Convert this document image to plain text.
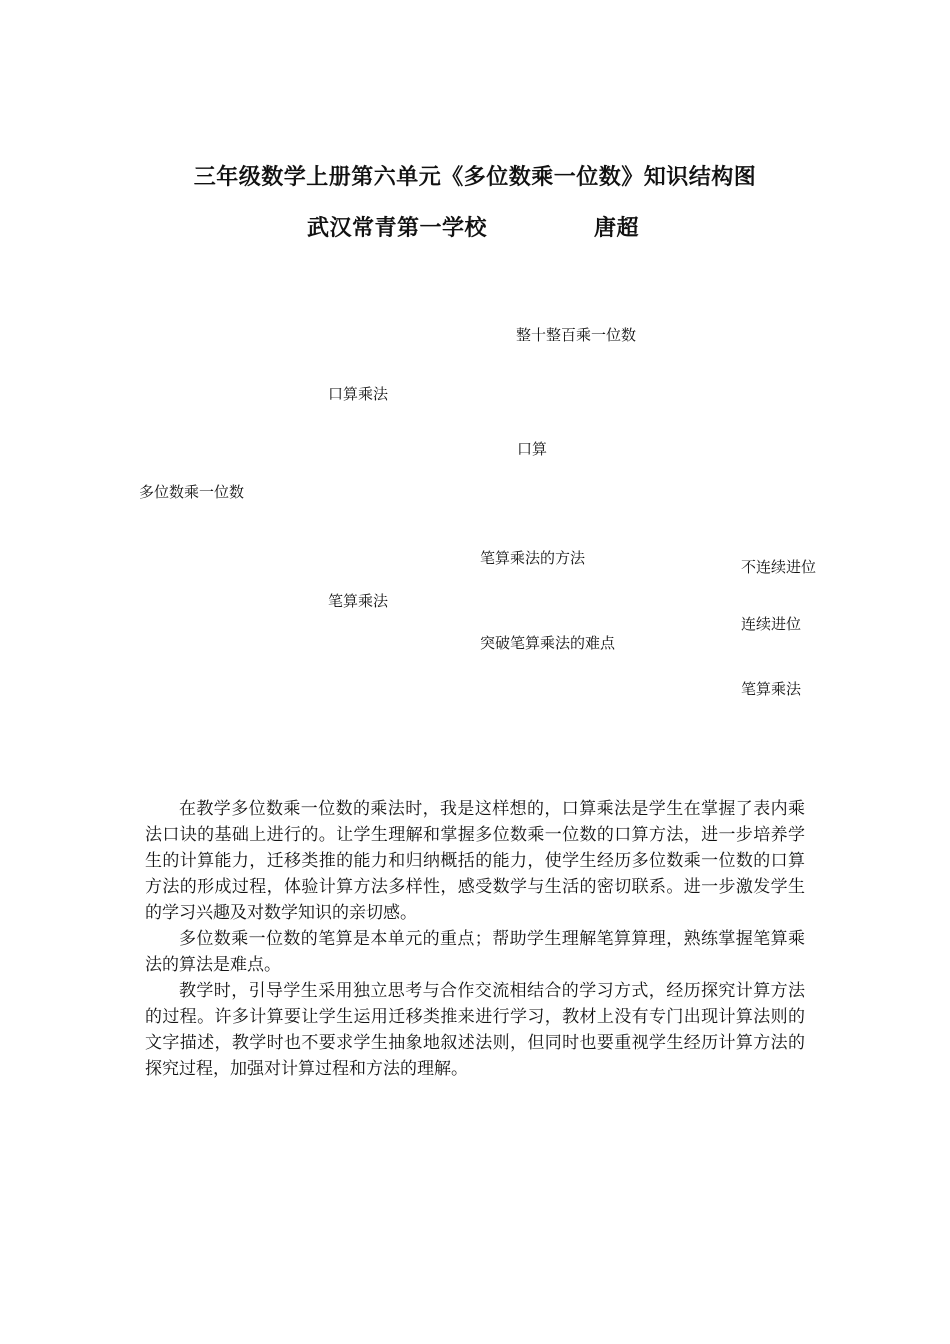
三年级数学上册第六单元《多位数乘一位数》知识结构图
武汉常青第一学校	唐超
整十整百乘一位数
口算乘法
口算
多位数乘一位数
笔算乘法的方法	不连续进位
笔算乘法
连续进位
突破笔算乘法的难点
笔算乘法

在教学多位数乘一位数的乘法时，我是这样想的，口算乘法是学生在掌握了表内乘法口诀的基础上进行的。让学生理解和掌握多位数乘一位数的口算方法，进一步培养学生的计算能力，迁移类推的能力和归纳概括的能力，使学生经历多位数乘一位数的口算方法的形成过程，体验计算方法多样性，感受数学与生活的密切联系。进一步激发学生的学习兴趣及对数学知识的亲切感。

多位数乘一位数的笔算是本单元的重点；帮助学生理解笔算算理，熟练掌握笔算乘法的算法是难点。

教学时，引导学生采用独立思考与合作交流相结合的学习方式，经历探究计算方法的过程。许多计算要让学生运用迁移类推来进行学习，教材上没有专门出现计算法则的文字描述，教学时也不要求学生抽象地叙述法则，但同时也要重视学生经历计算方法的探究过程，加强对计算过程和方法的理解。
